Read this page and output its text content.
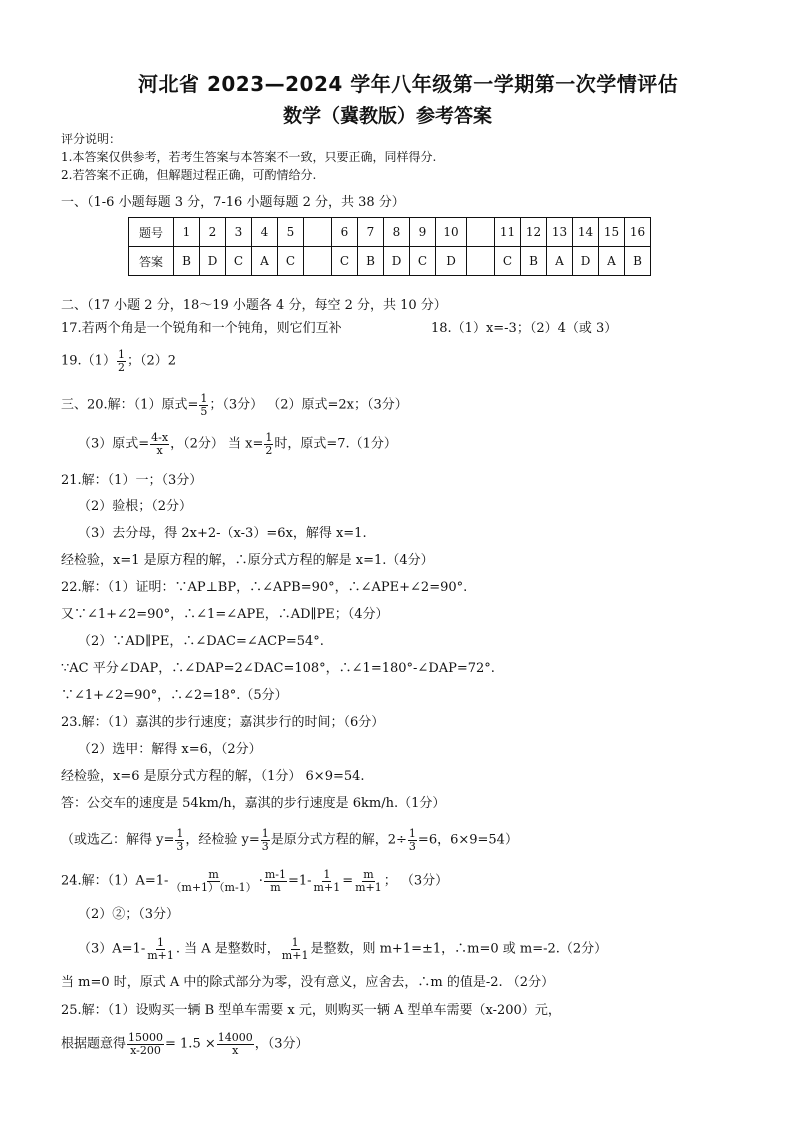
河北省 2023—2024 学年八年级第一学期第一次学情评估
数学（冀教版）参考答案
评分说明：
1.本答案仅供参考，若考生答案与本答案不一致，只要正确，同样得分.
2.若答案不正确，但解题过程正确，可酌情给分.
一、（1-6 小题每题 3 分，7-16 小题每题 2 分，共 38 分）
题号	1	2	3	4	5		6	7	8	9	10		11	12	13	14	15	16
答案	B	D	C	A	C		C	B	D	C	D		C	B	A	D	A	B
二、（17 小题 2 分，18～19 小题各 4 分，每空 2 分，共 10 分）
17.若两个角是一个锐角和一个钝角，则它们互补	18.（1）x=-3；（2）4（或 3）
$19.(1) \frac{1}{2}$ ；（2）2
三、20.解：（1）原式= $\frac{1}{5}$ ；（3分） （2）原式=2x；（3分）
（3）原式= $\frac{4-x}{x}$ ，（2分） 当 $x= \frac{1}{2}$ 时，原式=7.（1分）
21.解：（1）一；（3分）
（2）验根；（2分）
（3）去分母，得 2x+2-（x-3）=6x，解得 x=1.
经检验，x=1 是原方程的解，∴原分式方程的解是 x=1.（4分）
22.解：（1）证明：∵AP⊥BP，∴∠APB=90°，∴∠APE+∠2=90°.
又∵∠1+∠2=90°，∴∠1=∠APE，∴AD∥PE；（4分）
（2）∵AD∥PE，∴∠DAC=∠ACP=54°.
∵AC 平分∠DAP，∴∠DAP=2∠DAC=108°，∴∠1=180°-∠DAP=72°.
∵∠1+∠2=90°，∴∠2=18°.（5分）
23.解：（1）嘉淇的步行速度；嘉淇步行的时间；（6分）
（2）选甲：解得 x=6，（2分）
经检验，x=6 是原分式方程的解，（1分） 6×9=54.
答：公交车的速度是 54km/h，嘉淇的步行速度是 6km/h.（1分）
（或选乙：解得 $y= \frac{1}{3}$ ，经检验 $y= \frac{1}{3}$ 是原分式方程的解，$2\div \frac{1}{3} =6$，6×9=54）
24.解：$(1)A=1- \frac{m}{(m+1)(m-1)} \cdot \frac{m-1}{m} =1- \frac{1}{m+1} = \frac{m}{m+1}$ ； （3分）
（2）②；（3分）
$(3)A=1- \frac{1}{m+1}$ . 当 A 是整数时， $\frac{1}{m+1}$ 是整数，则 m+1=±1，∴m=0 或 m=-2.（2分）
当 m=0 时，原式 A 中的除式部分为零，没有意义，应舍去，∴m 的值是-2. （2分）
25.解：（1）设购买一辆 B 型单车需要 x 元，则购买一辆 A 型单车需要（x-200）元，
根据题意得 $\frac{15000}{x-200} = 1.5 \times \frac{14000}{x}$ ，（3分）
